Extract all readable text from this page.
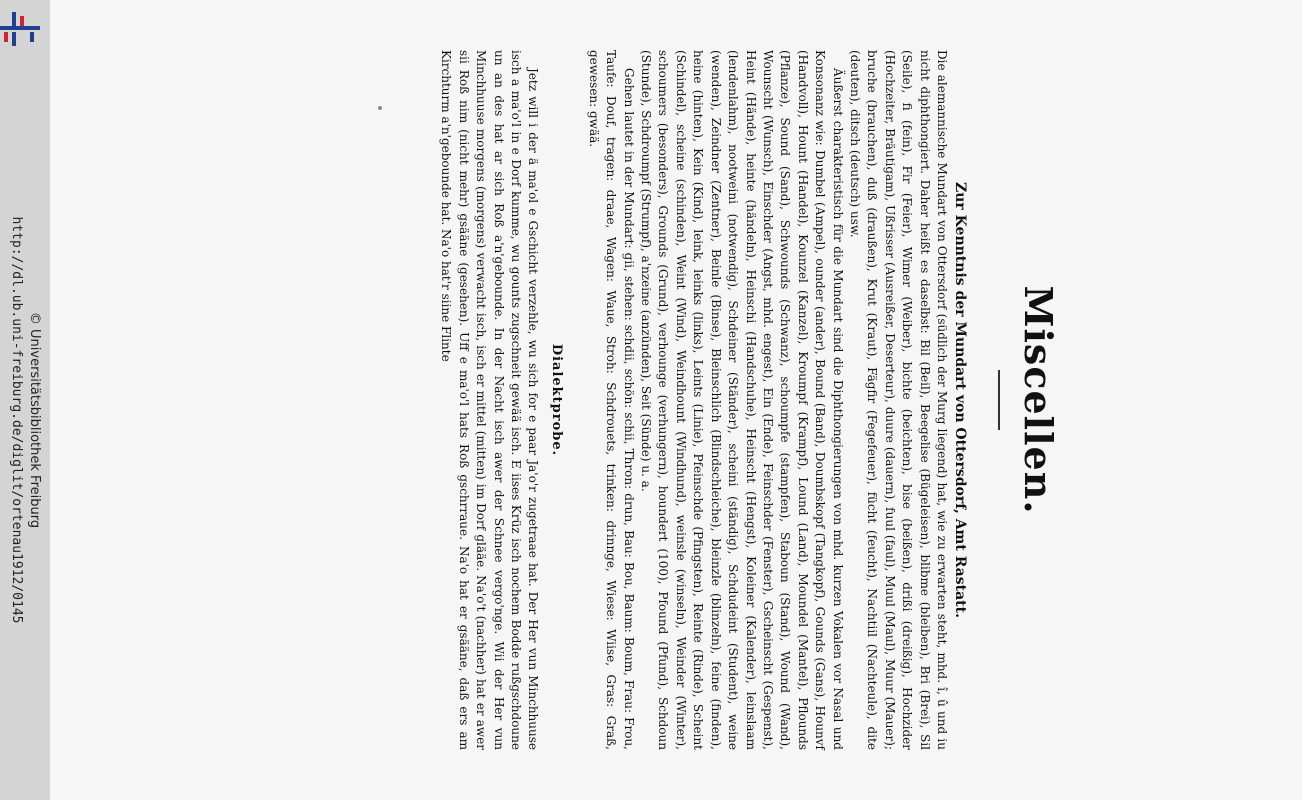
http://dl.ub.uni-freiburg.de/diglit/ortenau1912/0145 © Universitätsbibliothek Freiburg	Miscellen.
Zur Kenntnis der Mundart von Ottersdorf, Amt Rastatt.

Die alemannische Mundart von Ottersdorf (südlich der Murg liegend) hat, wie zu erwarten steht, mhd. î, û und iu nicht diphthongiert. Daher heißt es daselbst: Bil (Beil), Beegelise (Bügeleisen), blibme (bleiben), Bri (Brei), Sil (Seile), fi (fein), Fir (Feier), Wimer (Weiber), bichte (beichten), bise (beißen), drißi (dreißig), Hochzider (Hochzeiter, Bräutigam), Ußrisser (Ausreißer, Deserteur), duure (dauern), fuul (faul), Muul (Maul), Muur (Mauer); bruche (brauchen), duß (draußen), Krut (Kraut), Fägfir (Fegefeuer), fücht (feucht), Nachtiil (Nachteule), dite (deuten), ditsch (deutsch) usw.

Äußerst charakteristisch für die Mundart sind die Diphthongierungen von mhd. kurzen Vokalen vor Nasal und Konsonanz wie: Dumbel (Ampel), ounder (ander), Bound (Band), Doumbskopf (Tangkopf), Gounds (Gans), Hounvf (Handvoll), Hount (Handel), Kounzel (Kanzel), Kroumpf (Krampf), Lound (Land), Moundel (Mantel), Pflounds (Pflanze), Sound (Sand), Schwounds (Schwanz), schoumpfe (stampfen), Staboun (Stand), Wound (Wand), Wounscht (Wunsch), Einschder (Angst, mhd. engest), Ein (Ende), Feinschder (Fenster), Gscheinscht (Gespenst), Heint (Hände), heinte (händeln), Heinschi (Handschuhe), Heinscht (Hengst), Koleiner (Kalender), leinslaam (lendenlahm), nootweini (notwendig), Schdeiner (Ständer), scheini (ständig), Schdudeint (Student), weine (wenden), Zeindner (Zentner), Beinle (Binse), Bleinschlich (Blindschleiche), bleinzle (blinzeln), feine (finden), heine (hinten), Kein (Kind), leink, leinks (links), Leints (Linie), Pfeinschde (Pfingsten), Reinte (Rinde), Scheint (Schindel), scheine (schinden), Weint (Wind), Weindhount (Windhund), weinsle (winseln), Weinder (Winter), schoumers (besonders), Grounds (Grund), verhounge (verhungern), houndert (100), Pfound (Pfund), Schdoun (Stunde), Schdroumpf (Strumpf), a'nzeine (anzünden), Seit (Sünde) u. a.

Gehen lautet in der Mundart: gii, stehen: schdii, schön: schii, Thron: drun, Bau: Bou, Baum: Boum, Frau: Frou, Taufe: Douf, tragen: draae, Wagen: Waue, Stroh: Schdrouets, trinken: drinnge, Wiese: Wiise, Gras: Graß, gewesen: gwää.

Dialektprobe.

Jetz will i der ä ma'ol e Gschicht verzehle, wu sich for e paar Ja'o'r zugetraae hat. Der Her vun Minchhuuse isch a ma'o'l in e Dorf kumme, wu gounts zugschneit gewää isch. E iises Krüz isch nochem Bodde rußgschdoune un an des hat ar sich Roß a'n'gebounde. In der Nacht isch awer der Schnee vergo'nge. Wii der Her vun Minchhuuse morgens (morgens) verwacht isch, isch er mittel (mitten) im Dorf glääe. Na'o't (nachher) hat er awer sii Roß nim (nicht mehr) gsääne (gesehen). Uff e ma'o'l hats Roß gschrraue. Na'o hat er gsääne, daß ers am Kirchturm a'n'gebounde hat. Na'o hat'r siine Flinte
